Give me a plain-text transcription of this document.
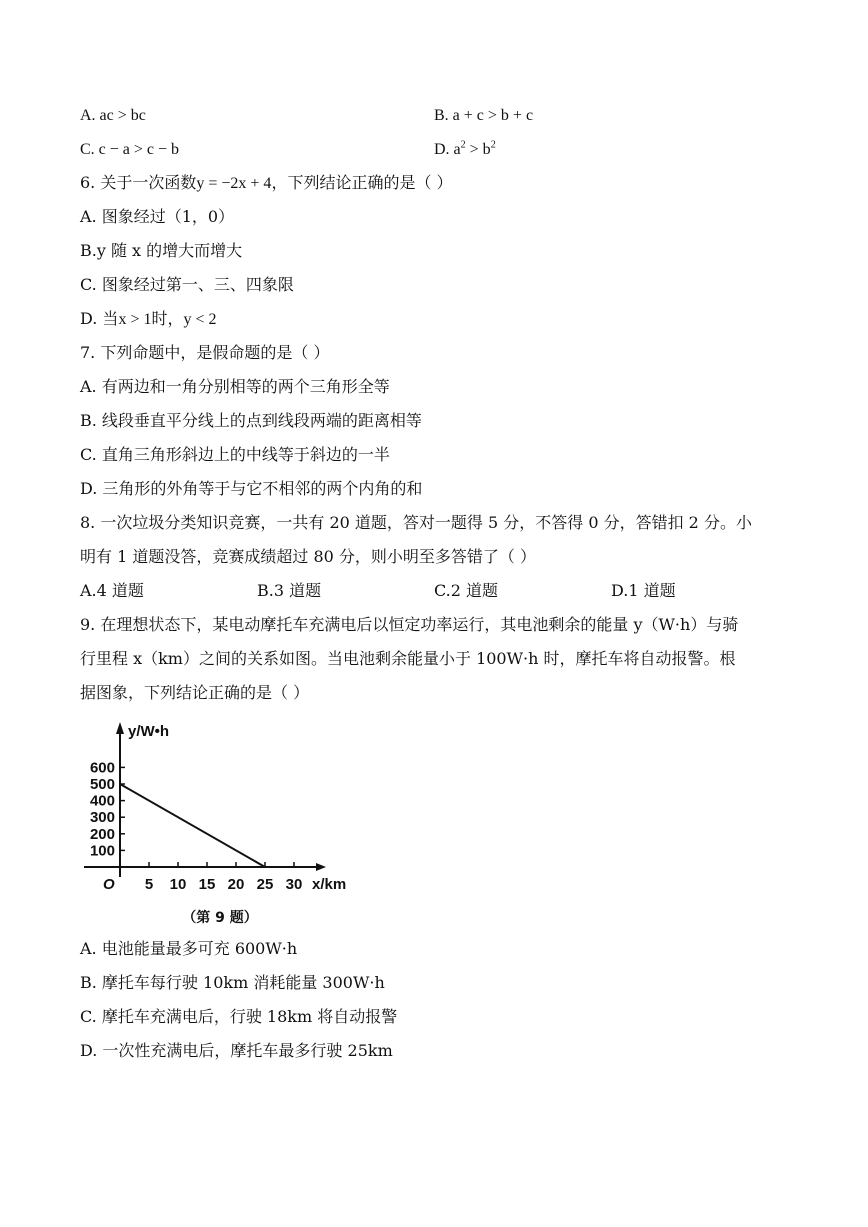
A. ac > bc	B. a + c > b + c
C. c − a > c − b	D. $a^2 > b^2$
6. 关于一次函数y = −2x + 4，下列结论正确的是（ ）
A. 图象经过（1，0）
B.y 随 x 的增大而增大
C. 图象经过第一、三、四象限
D. 当x > 1时，y < 2
7. 下列命题中，是假命题的是（ ）
A. 有两边和一角分别相等的两个三角形全等
B. 线段垂直平分线上的点到线段两端的距离相等
C. 直角三角形斜边上的中线等于斜边的一半
D. 三角形的外角等于与它不相邻的两个内角的和
8. 一次垃圾分类知识竞赛，一共有 20 道题，答对一题得 5 分，不答得 0 分，答错扣 2 分。小
明有 1 道题没答，竞赛成绩超过 80 分，则小明至多答错了（ ）
A.4 道题	B.3 道题	C.2 道题	D.1 道题
9. 在理想状态下，某电动摩托车充满电后以恒定功率运行，其电池剩余的能量 y（W·h）与骑
行里程 x（km）之间的关系如图。当电池剩余能量小于 100W·h 时，摩托车将自动报警。根
据图象，下列结论正确的是（ ）
100
200
300
400
500
600
5 10 15 20 25 30
y/W•h
x/km
O
（第 9 题）
A. 电池能量最多可充 600W·h
B. 摩托车每行驶 10km 消耗能量 300W·h
C. 摩托车充满电后，行驶 18km 将自动报警
D. 一次性充满电后，摩托车最多行驶 25km
